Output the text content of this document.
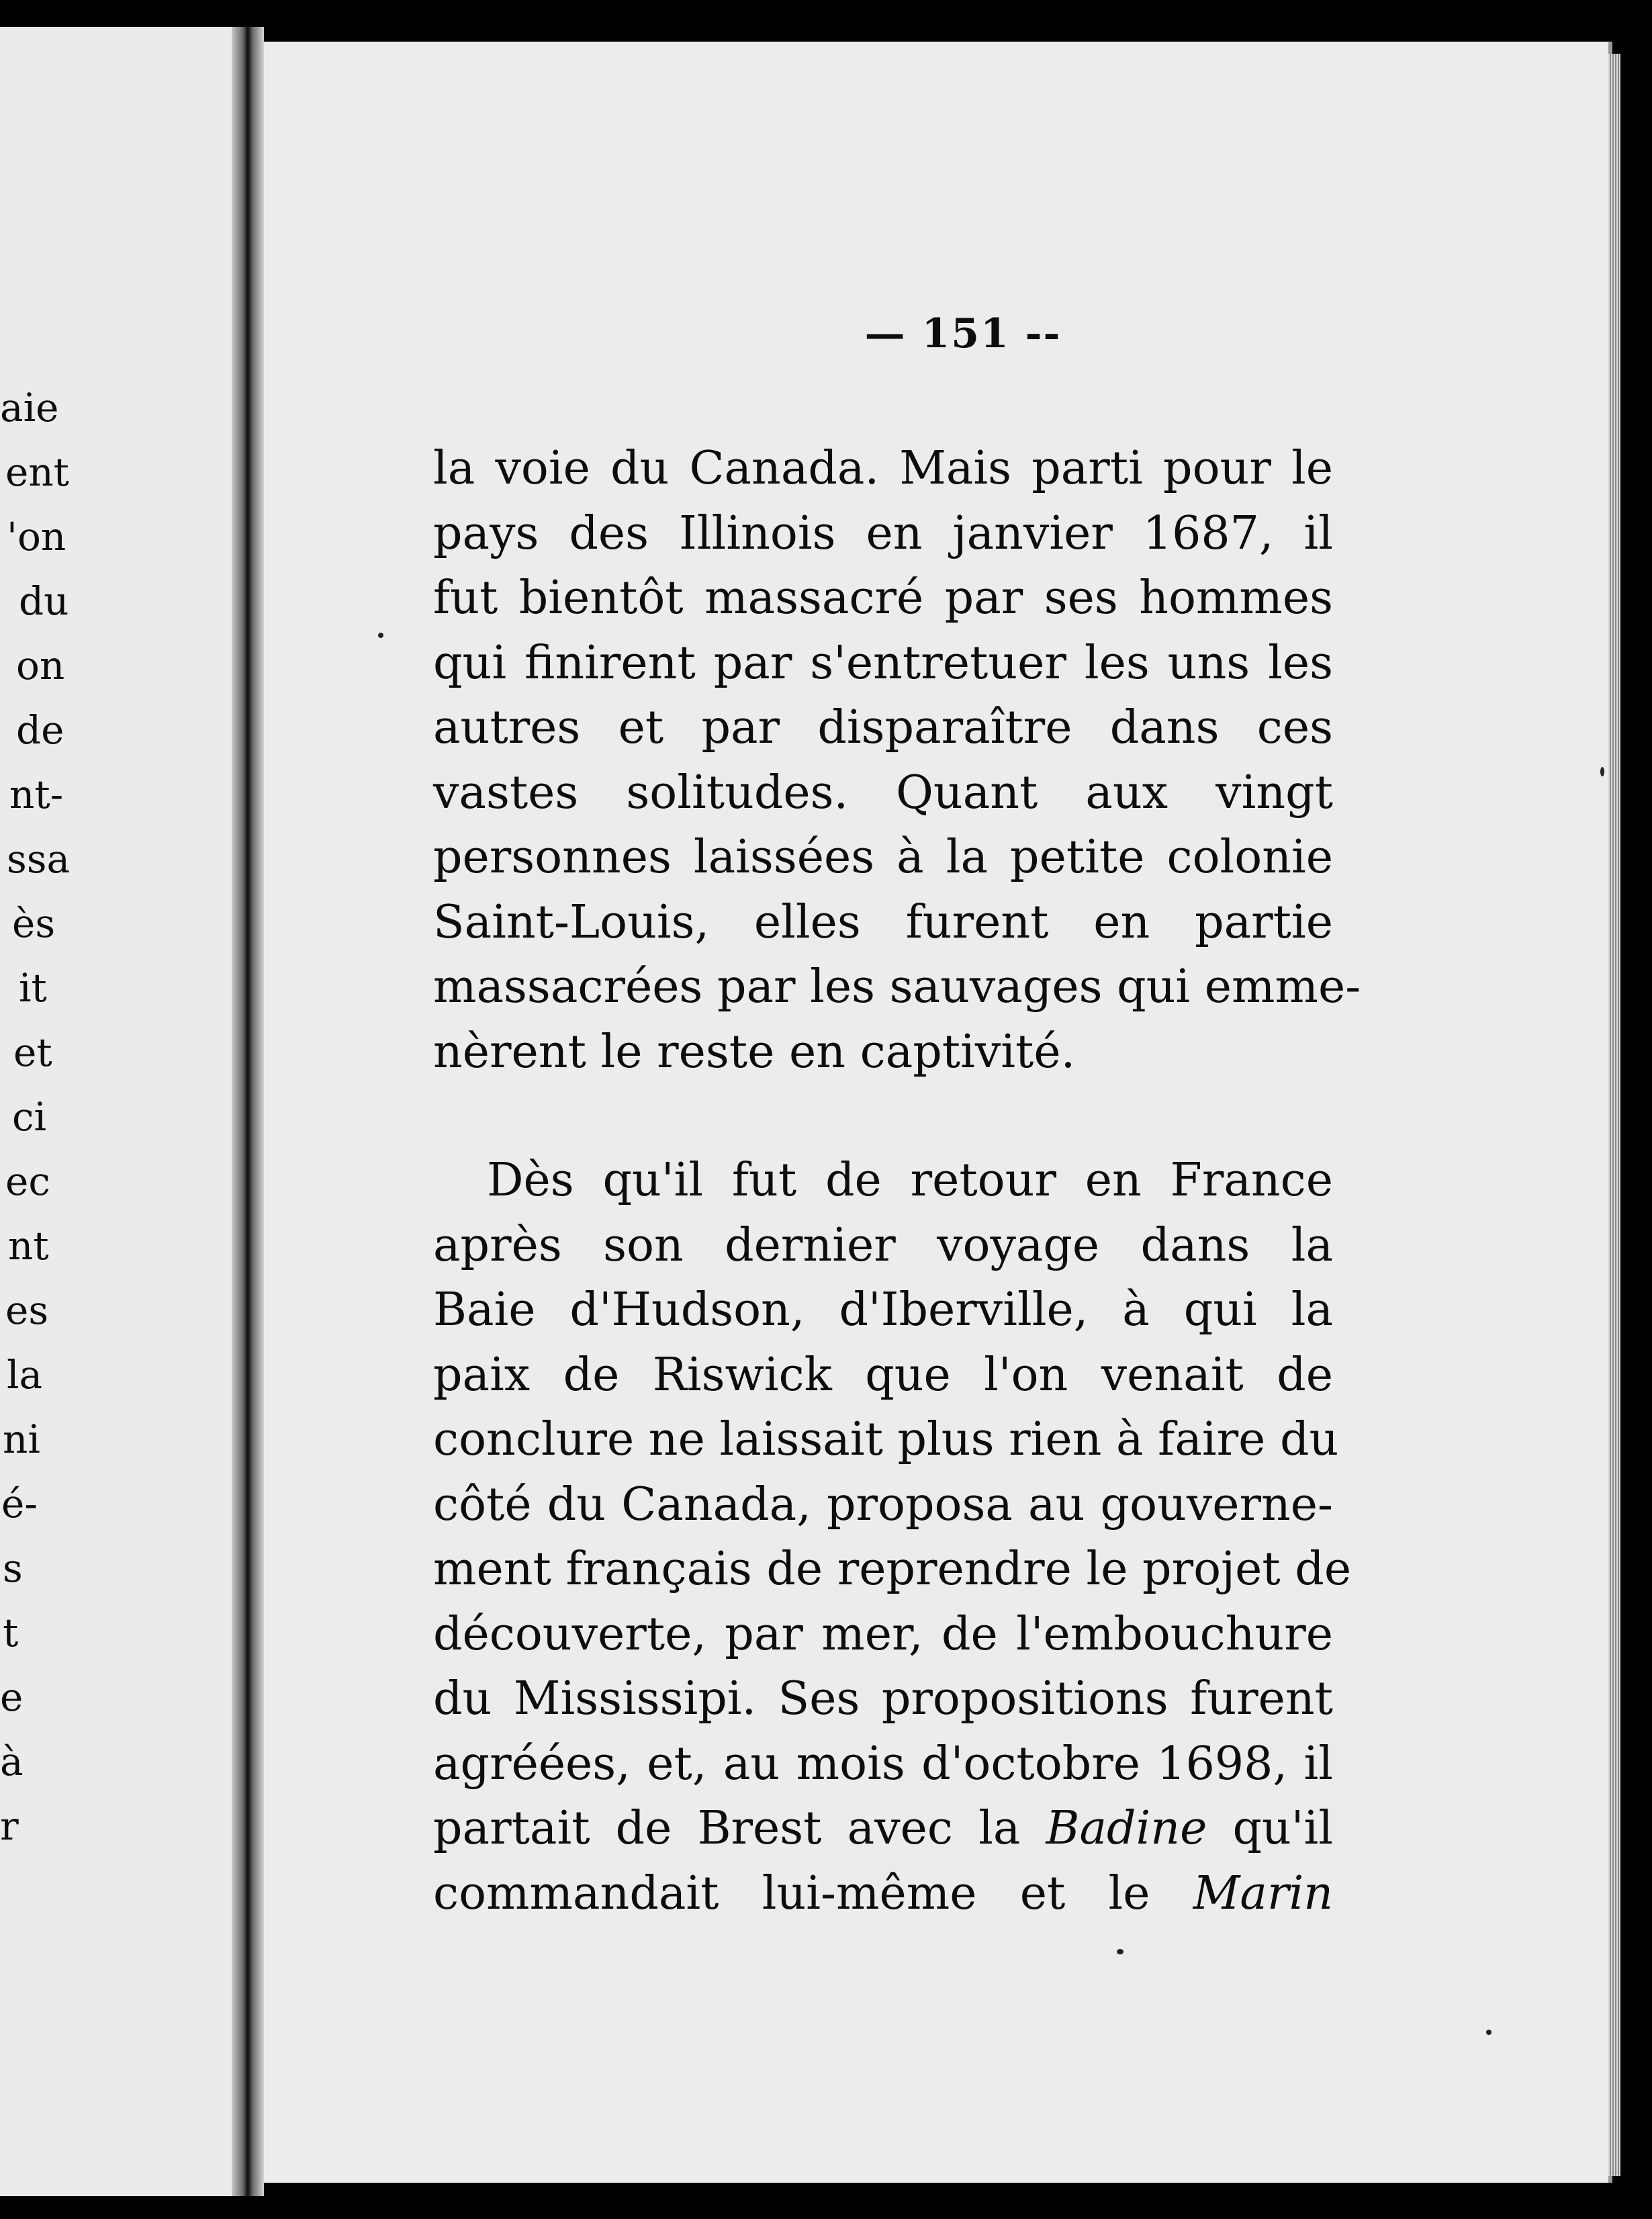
aie
ent
'on
du
on
de
nt-
ssa
ès
it
et
ci
ec
nt
es
la
ni
é-
s
t
e
à
r
— 151 --
la voie du Canada. Mais parti pour le
pays des Illinois en janvier 1687, il
fut bientôt massacré par ses hommes
qui finirent par s'entretuer les uns les
autres et par disparaître dans ces
vastes solitudes. Quant aux vingt
personnes laissées à la petite colonie
Saint-Louis, elles furent en partie
massacrées par les sauvages qui emme-
nèrent le reste en captivité.
Dès qu'il fut de retour en France
après son dernier voyage dans la
Baie d'Hudson, d'Iberville, à qui la
paix de Riswick que l'on venait de
conclure ne laissait plus rien à faire du
côté du Canada, proposa au gouverne-
ment français de reprendre le projet de
découverte, par mer, de l'embouchure
du Mississipi. Ses propositions furent
agréées, et, au mois d'octobre 1698, il
partait de Brest avec la Badine qu'il
commandait lui-même et le Marin
